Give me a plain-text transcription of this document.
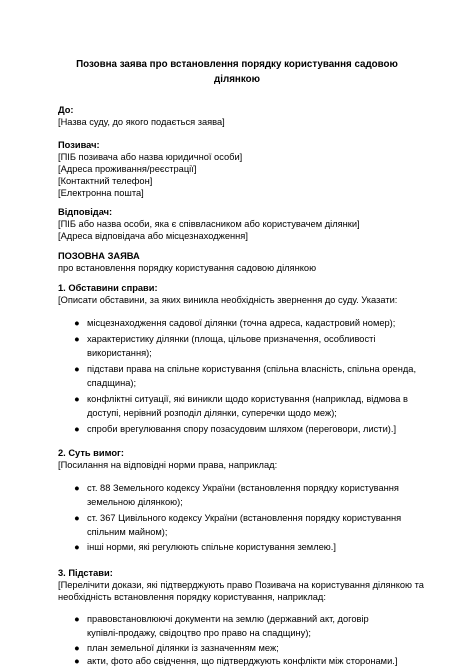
Позовна заява про встановлення порядку користування садовою
ділянкою
До:
[Назва суду, до якого подається заява]
Позивач:
[ПІБ позивача або назва юридичної особи]
[Адреса проживання/реєстрації]
[Контактний телефон]
[Електронна пошта]
Відповідач:
[ПІБ або назва особи, яка є співвласником або користувачем ділянки]
[Адреса відповідача або місцезнаходження]
ПОЗОВНА ЗАЯВА
про встановлення порядку користування садовою ділянкою
1. Обставини справи:
[Описати обставини, за яких виникла необхідність звернення до суду. Указати:
● місцезнаходження садової ділянки (точна адреса, кадастровий номер);
● характеристику ділянки (площа, цільове призначення, особливості
використання);
● підстави права на спільне користування (спільна власність, спільна оренда,
спадщина);
● конфліктні ситуації, які виникли щодо користування (наприклад, відмова в
доступі, нерівний розподіл ділянки, суперечки щодо меж);
● спроби врегулювання спору позасудовим шляхом (переговори, листи).]
2. Суть вимог:
[Посилання на відповідні норми права, наприклад:
● ст. 88 Земельного кодексу України (встановлення порядку користування
земельною ділянкою);
● ст. 367 Цивільного кодексу України (встановлення порядку користування
спільним майном);
● інші норми, які регулюють спільне користування землею.]
3. Підстави:
[Перелічити докази, які підтверджують право Позивача на користування ділянкою та
необхідність встановлення порядку користування, наприклад:
● правовстановлюючі документи на землю (державний акт, договір
купівлі-продажу, свідоцтво про право на спадщину);
● план земельної ділянки із зазначенням меж;
● акти, фото або свідчення, що підтверджують конфлікти між сторонами.]
